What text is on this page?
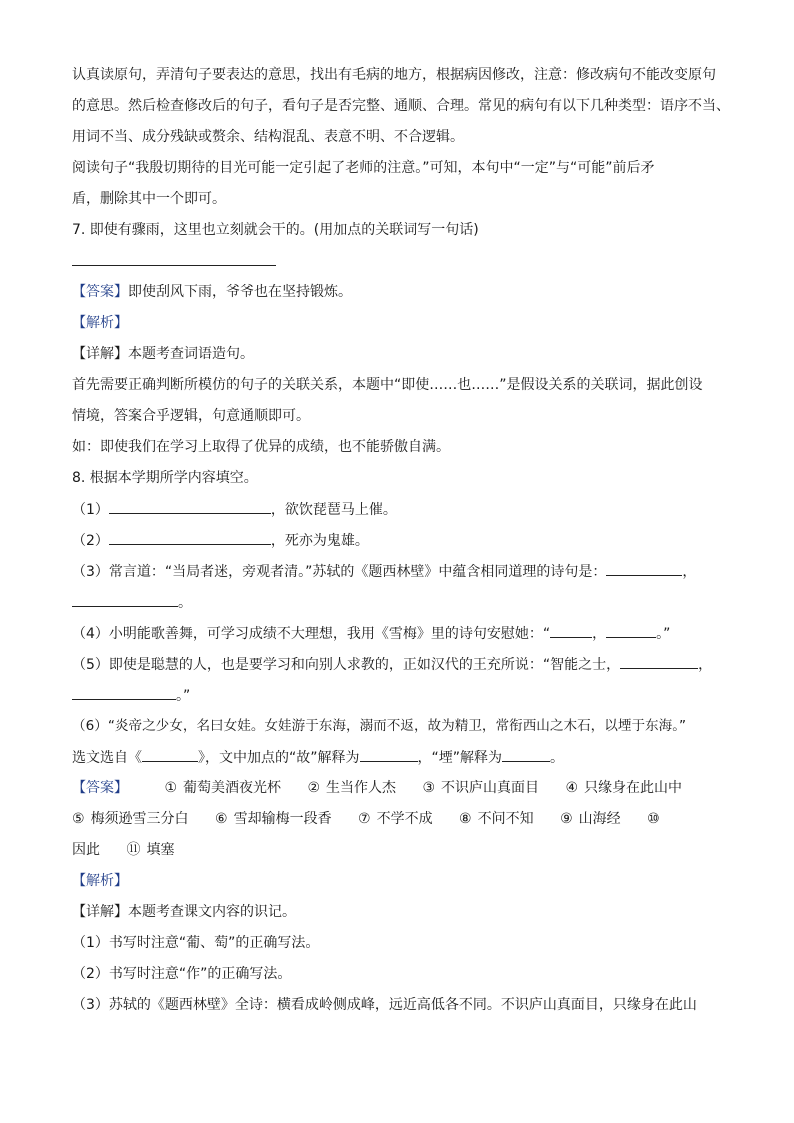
认真读原句，弄清句子要表达的意思，找出有毛病的地方，根据病因修改，注意：修改病句不能改变原句
的意思。然后检查修改后的句子，看句子是否完整、通顺、合理。常见的病句有以下几种类型：语序不当、
用词不当、成分残缺或赘余、结构混乱、表意不明、不合逻辑。
阅读句子“我殷切期待的目光可能一定引起了老师的注意。”可知，本句中“一定”与“可能”前后矛
盾，删除其中一个即可。
7. 即使有骤雨，这里也立刻就会干的。(用加点的关联词写一句话)
【答案】即使刮风下雨，爷爷也在坚持锻炼。
【解析】
【详解】本题考查词语造句。
首先需要正确判断所模仿的句子的关联关系，本题中“即使……也……”是假设关系的关联词，据此创设
情境，答案合乎逻辑，句意通顺即可。
如：即使我们在学习上取得了优异的成绩，也不能骄傲自满。
8. 根据本学期所学内容填空。
（1）	，欲饮琵琶马上催。
（2）	，死亦为鬼雄。
（3）常言道：“当局者迷，旁观者清。”苏轼的《题西林壁》中蕴含相同道理的诗句是：	，
。
（4）小明能歌善舞，可学习成绩不大理想，我用《雪梅》里的诗句安慰她：“	，	。”
（5）即使是聪慧的人，也是要学习和向别人求教的，正如汉代的王充所说：“智能之士，	，
。”
（6）“炎帝之少女，名曰女娃。女娃游于东海，溺而不返，故为精卫，常衔西山之木石，以堙于东海。”
选文选自《	》，文中加点的“故”解释为	，“堙”解释为	。
【答案】	① 葡萄美酒夜光杯 ② 生当作人杰 ③ 不识庐山真面目 ④ 只缘身在此山中
⑤ 梅须逊雪三分白 ⑥ 雪却输梅一段香 ⑦ 不学不成 ⑧ 不问不知 ⑨ 山海经 ⑩
因此 ⑪ 填塞
【解析】
【详解】本题考查课文内容的识记。
（1）书写时注意“葡、萄”的正确写法。
（2）书写时注意“作”的正确写法。
（3）苏轼的《题西林壁》全诗：横看成岭侧成峰，远近高低各不同。不识庐山真面目，只缘身在此山
